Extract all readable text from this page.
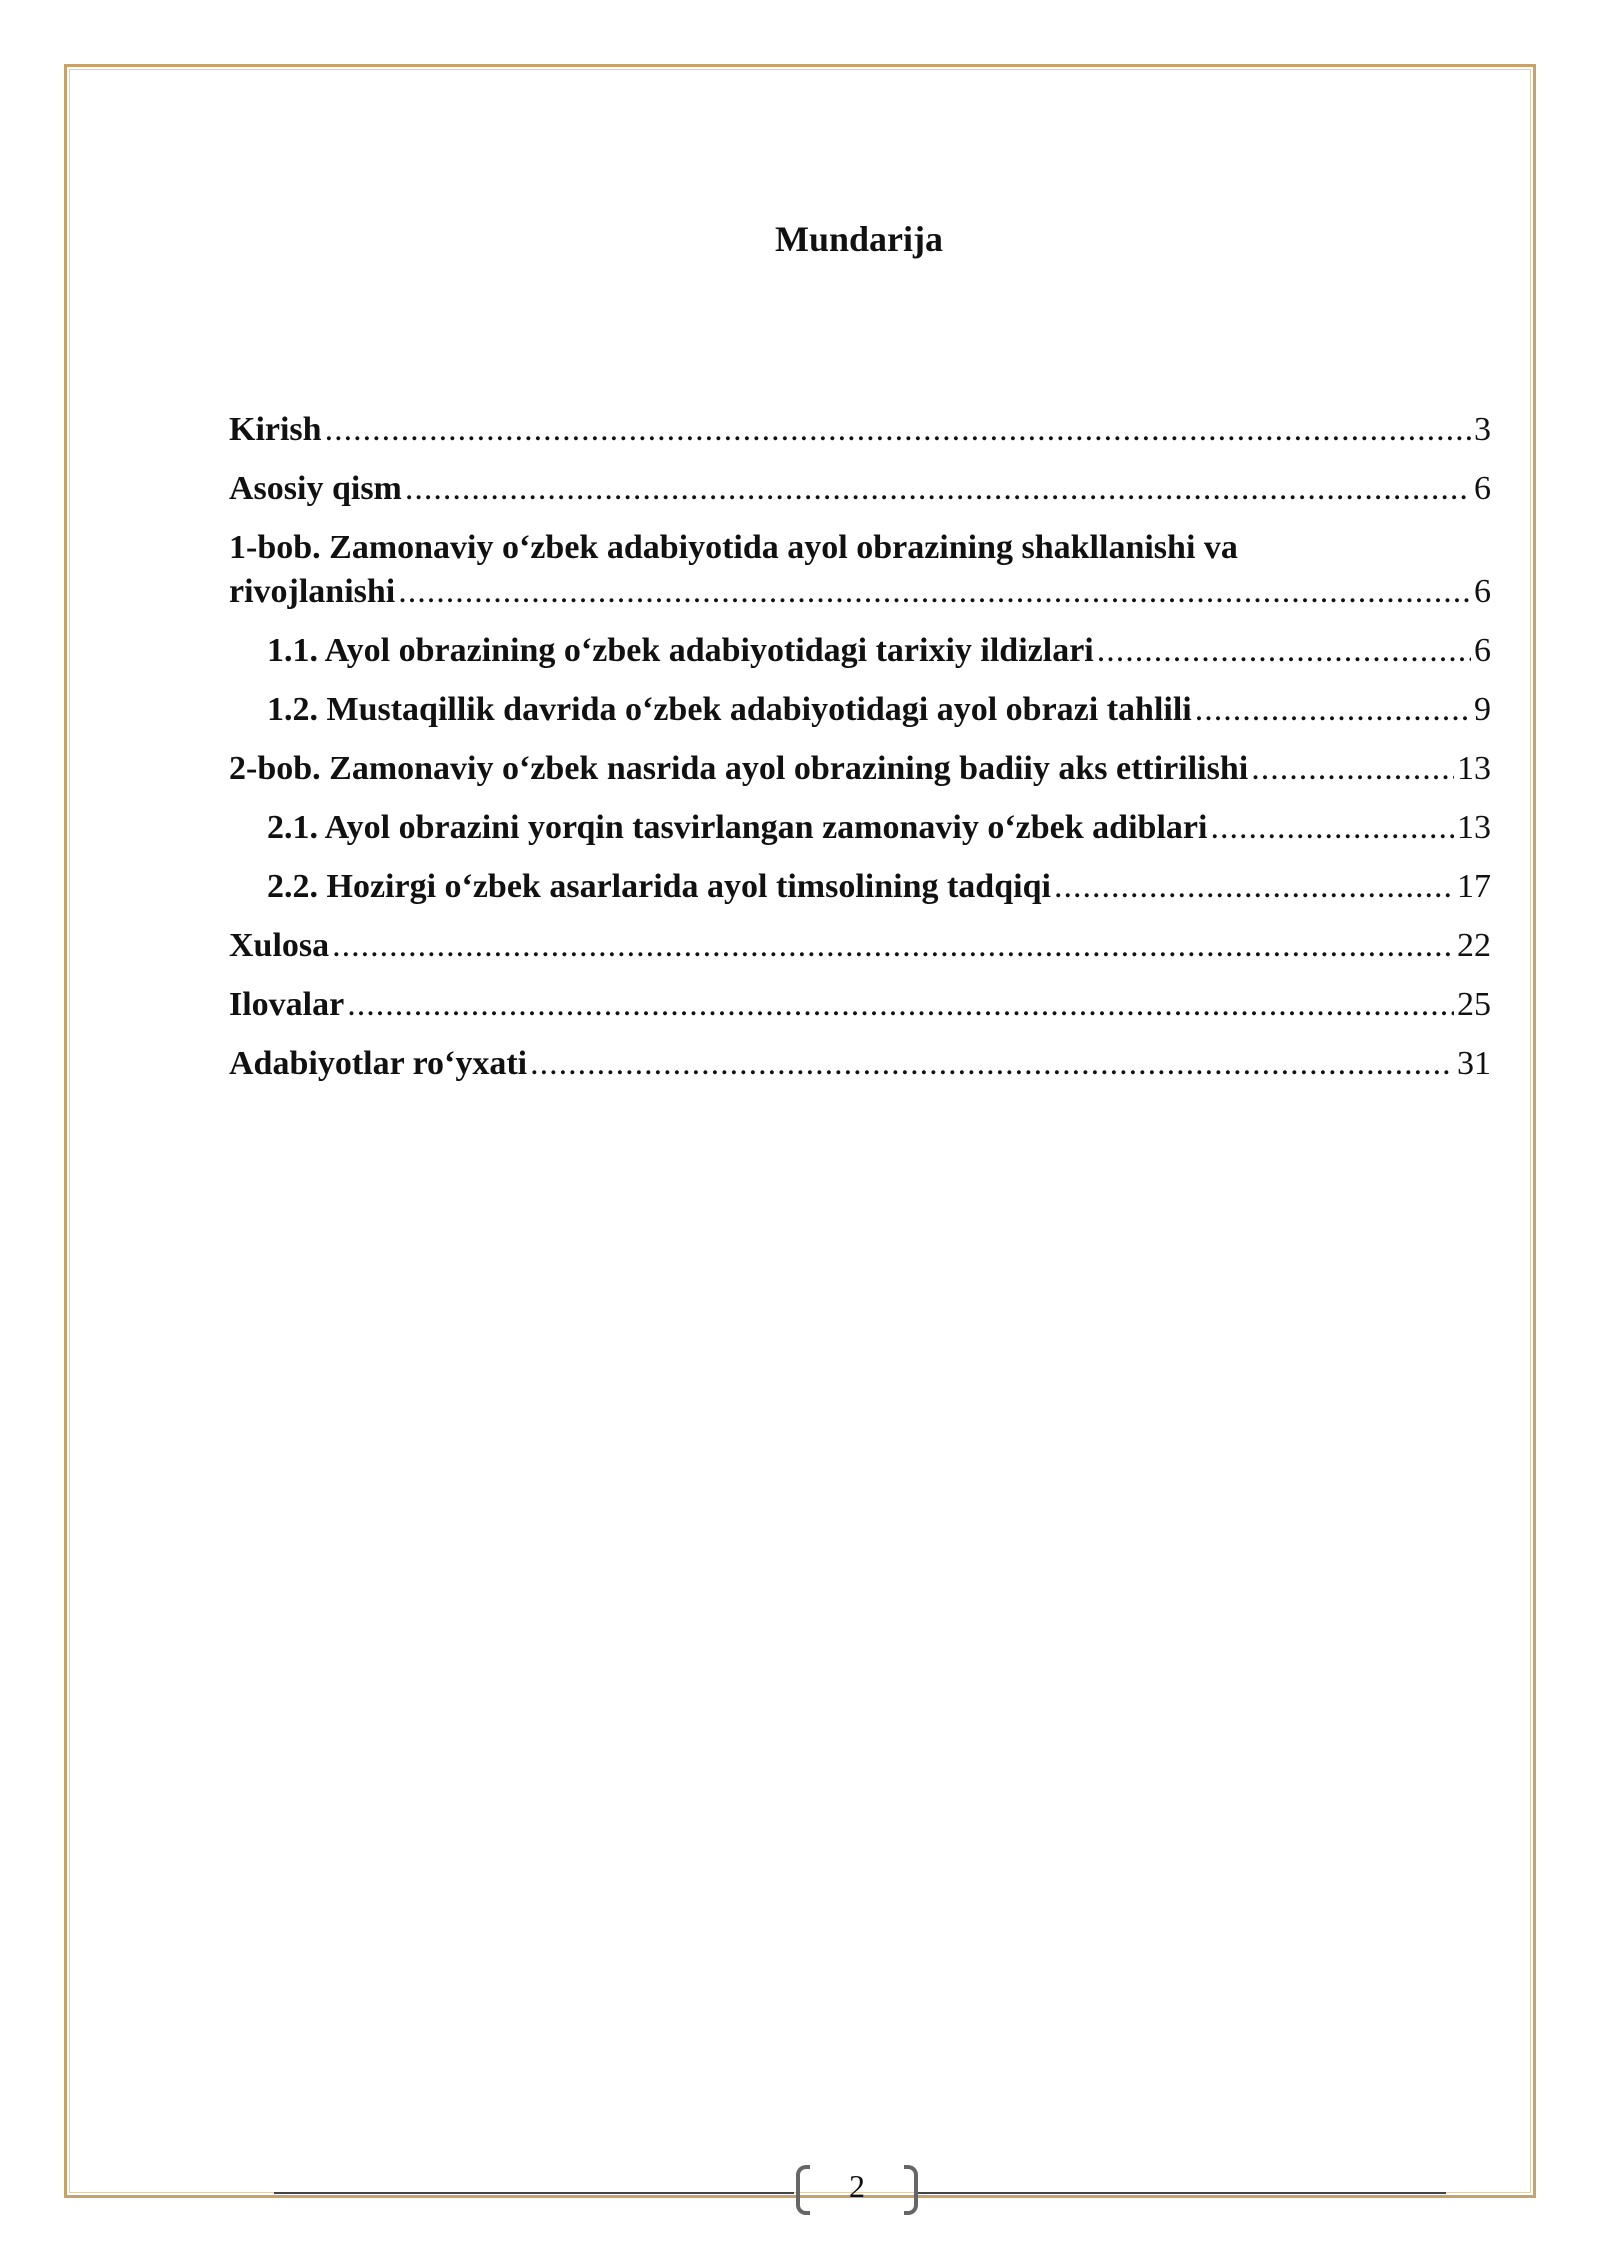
Mundarija
Kirish .....	3
Asosiy qism .....	6
1-bob. Zamonaviy oʻzbek adabiyotida ayol obrazining shakllanishi va
rivojlanishi .....	6
1.1. Ayol obrazining oʻzbek adabiyotidagi tarixiy ildizlari .....	6
1.2. Mustaqillik davrida oʻzbek adabiyotidagi ayol obrazi tahlili .....	9
2-bob. Zamonaviy oʻzbek nasrida ayol obrazining badiiy aks ettirilishi .....	13
2.1. Ayol obrazini yorqin tasvirlangan zamonaviy oʻzbek adiblari .....	13
2.2. Hozirgi oʻzbek asarlarida ayol timsolining tadqiqi .....	17
Xulosa .....	22
Ilovalar .....	25
Adabiyotlar roʻyxati .....	31
2
